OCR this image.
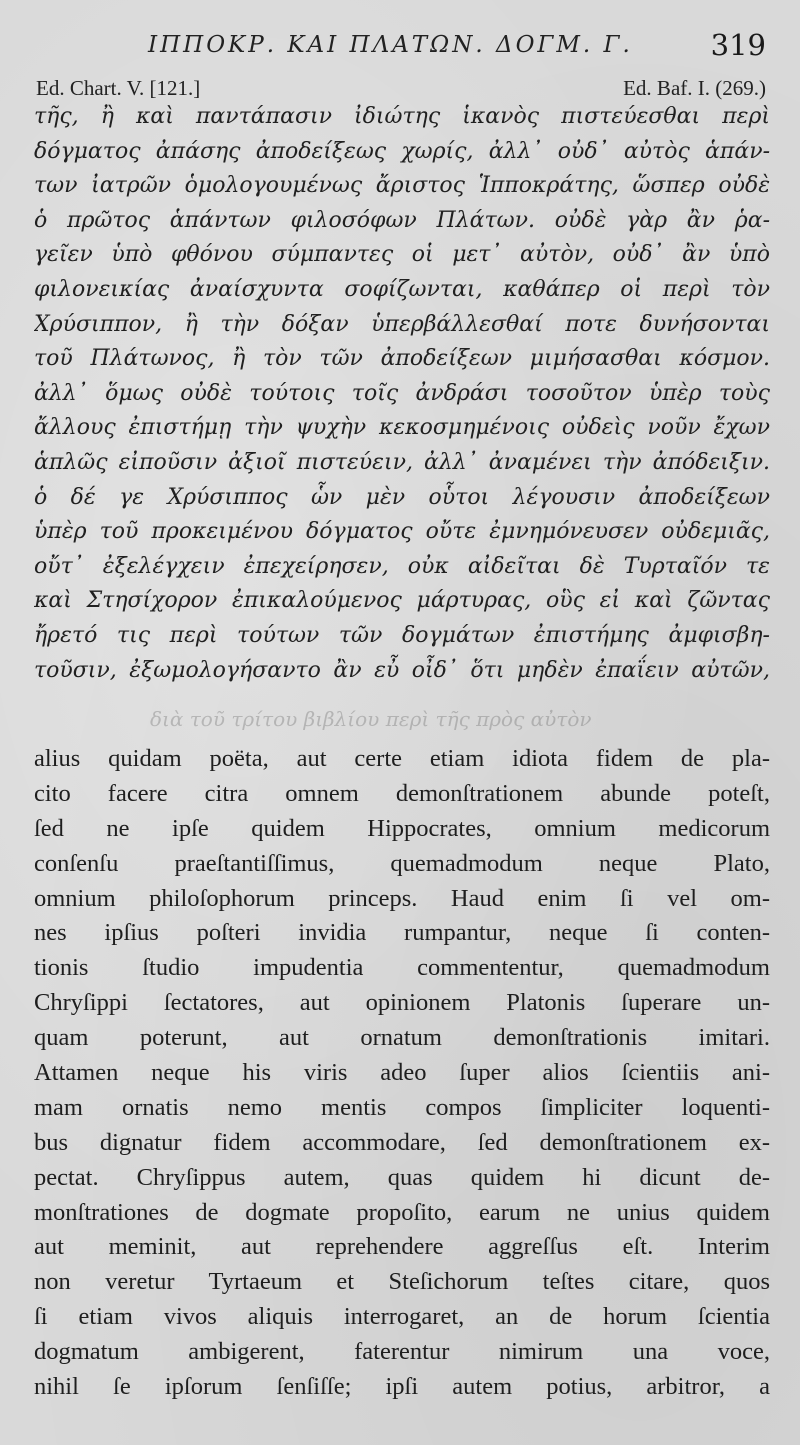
ΙΠΠΟΚΡ. ΚΑΙ ΠΛΑΤΩΝ. ΔΟΓΜ. Γ.	319
Ed. Chart. V. [121.]	Ed. Baf. I. (269.)
τῆς, ἢ καὶ παντάπασιν ἰδιώτης ἱκανὸς πιστεύεσθαι περὶ
δόγματος ἀπάσης ἀποδείξεως χωρίς, ἀλλ᾽ οὐδ᾽ αὐτὸς ἁπάν-
των ἰατρῶν ὁμολογουμένως ἄριστος Ἱπποκράτης, ὥσπερ οὐδὲ
ὁ πρῶτος ἁπάντων φιλοσόφων Πλάτων. οὐδὲ γὰρ ἂν ῥα-
γεῖεν ὑπὸ φθόνου σύμπαντες οἱ μετ᾽ αὐτὸν, οὐδ᾽ ἂν ὑπὸ
φιλονεικίας ἀναίσχυντα σοφίζωνται, καθάπερ οἱ περὶ τὸν
Χρύσιππον, ἢ τὴν δόξαν ὑπερβάλλεσθαί ποτε δυνήσονται
τοῦ Πλάτωνος, ἢ τὸν τῶν ἀποδείξεων μιμήσασθαι κόσμον.
ἀλλ᾽ ὅμως οὐδὲ τούτοις τοῖς ἀνδράσι τοσοῦτον ὑπὲρ τοὺς
ἄλλους ἐπιστήμῃ τὴν ψυχὴν κεκοσμημένοις οὐδεὶς νοῦν ἔχων
ἁπλῶς εἰποῦσιν ἀξιοῖ πιστεύειν, ἀλλ᾽ ἀναμένει τὴν ἀπόδειξιν.
ὁ δέ γε Χρύσιππος ὧν μὲν οὗτοι λέγουσιν ἀποδείξεων
ὑπὲρ τοῦ προκειμένου δόγματος οὔτε ἐμνημόνευσεν οὐδεμιᾶς,
οὔτ᾽ ἐξελέγχειν ἐπεχείρησεν, οὐκ αἰδεῖται δὲ Τυρταῖόν τε
καὶ Στησίχορον ἐπικαλούμενος μάρτυρας, οὓς εἰ καὶ ζῶντας
ἤρετό τις περὶ τούτων τῶν δογμάτων ἐπιστήμης ἀμφισβη-
τοῦσιν, ἐξωμολογήσαντο ἂν εὖ οἶδ᾽ ὅτι μηδὲν ἐπαΐειν αὐτῶν,
διὰ τοῦ τρίτου βιβλίου περὶ τῆς πρὸς αὐτὸν
alius quidam poëta, aut certe etiam idiota fidem de pla-
cito facere citra omnem demonſtrationem abunde poteſt,
ſed ne ipſe quidem Hippocrates, omnium medicorum
conſenſu praeſtantiſſimus, quemadmodum neque Plato,
omnium philoſophorum princeps. Haud enim ſi vel om-
nes ipſius poſteri invidia rumpantur, neque ſi conten-
tionis ſtudio impudentia commententur, quemadmodum
Chryſippi ſectatores, aut opinionem Platonis ſuperare un-
quam poterunt, aut ornatum demonſtrationis imitari.
Attamen neque his viris adeo ſuper alios ſcientiis ani-
mam ornatis nemo mentis compos ſimpliciter loquenti-
bus dignatur fidem accommodare, ſed demonſtrationem ex-
pectat. Chryſippus autem, quas quidem hi dicunt de-
monſtrationes de dogmate propoſito, earum ne unius quidem
aut meminit, aut reprehendere aggreſſus eſt. Interim
non veretur Tyrtaeum et Steſichorum teſtes citare, quos
ſi etiam vivos aliquis interrogaret, an de horum ſcientia
dogmatum ambigerent, faterentur nimirum una voce,
nihil ſe ipſorum ſenſiſſe; ipſi autem potius, arbitror, a
